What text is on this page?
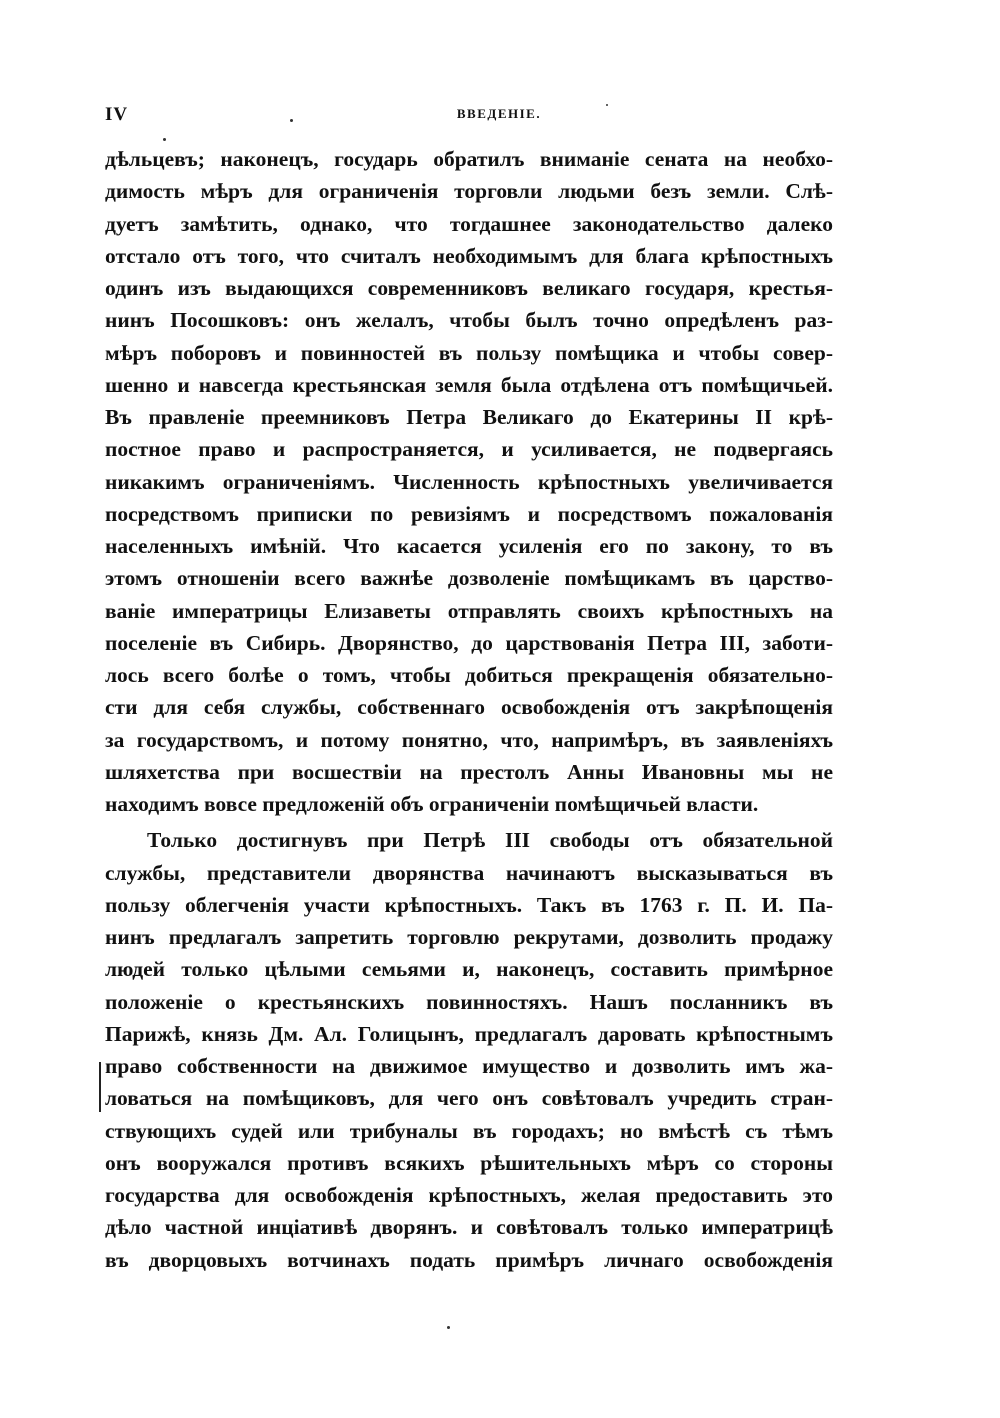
IV	ВВЕДЕНІЕ.
дѣльцевъ; наконецъ, государь обратилъ вниманіе сената на необхо-
димость мѣръ для ограниченія торговли людьми безъ земли. Слѣ-
дуетъ замѣтить, однако, что тогдашнее законодательство далеко
отстало отъ того, что считалъ необходимымъ для блага крѣпостныхъ
одинъ изъ выдающихся современниковъ великаго государя, крестья-
нинъ Посошковъ: онъ желалъ, чтобы былъ точно опредѣленъ раз-
мѣръ поборовъ и повинностей въ пользу помѣщика и чтобы совер-
шенно и навсегда крестьянская земля была отдѣлена отъ помѣщичьей.
Въ правленіе преемниковъ Петра Великаго до Екатерины II крѣ-
постное право и распространяется, и усиливается, не подвергаясь
никакимъ ограниченіямъ. Численность крѣпостныхъ увеличивается
посредствомъ приписки по ревизіямъ и посредствомъ пожалованія
населенныхъ имѣній. Что касается усиленія его по закону, то въ
этомъ отношеніи всего важнѣе дозволеніе помѣщикамъ въ царство-
ваніе императрицы Елизаветы отправлять своихъ крѣпостныхъ на
поселеніе въ Сибирь. Дворянство, до царствованія Петра III, заботи-
лось всего болѣе о томъ, чтобы добиться прекращенія обязательно-
сти для себя службы, собственнаго освобожденія отъ закрѣпощенія
за государствомъ, и потому понятно, что, напримѣръ, въ заявленіяхъ
шляхетства при восшествіи на престолъ Анны Ивановны мы не
находимъ вовсе предложеній объ ограниченіи помѣщичьей власти.
Только достигнувъ при Петрѣ III свободы отъ обязательной
службы, представители дворянства начинаютъ высказываться въ
пользу облегченія участи крѣпостныхъ. Такъ въ 1763 г. П. И. Па-
нинъ предлагалъ запретить торговлю рекрутами, дозволить продажу
людей только цѣлыми семьями и, наконецъ, составить примѣрное
положеніе о крестьянскихъ повинностяхъ. Нашъ посланникъ въ
Парижѣ, князь Дм. Ал. Голицынъ, предлагалъ даровать крѣпостнымъ
право собственности на движимое имущество и дозволить имъ жа-
ловаться на помѣщиковъ, для чего онъ совѣтовалъ учредить стран-
ствующихъ судей или трибуналы въ городахъ; но вмѣстѣ съ тѣмъ
онъ вооружался противъ всякихъ рѣшительныхъ мѣръ со стороны
государства для освобожденія крѣпостныхъ, желая предоставить это
дѣло частной инціативѣ дворянъ. и совѣтовалъ только императрицѣ
въ дворцовыхъ вотчинахъ подать примѣръ личнаго освобожденія
